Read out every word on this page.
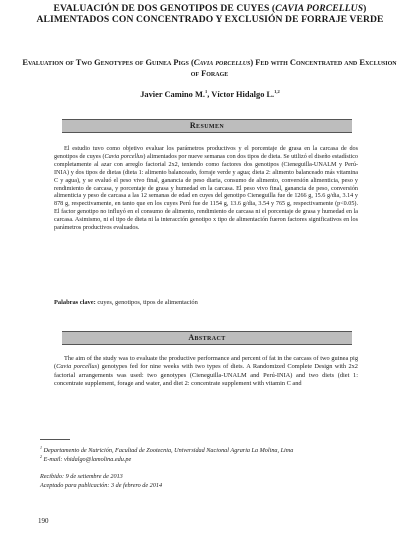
EVALUACIÓN DE DOS GENOTIPOS DE CUYES (CAVIA PORCELLUS) ALIMENTADOS CON CONCENTRADO Y EXCLUSIÓN DE FORRAJE VERDE
Evaluation of Two Genotypes of Guinea Pigs (Cavia porcellus) Fed with Concentrated and Exclusion of Forage
Javier Camino M.$^1$, Víctor Hidalgo L.$^{1,2}$
Resumen

El estudio tuvo como objetivo evaluar los parámetros productivos y el porcentaje de grasa en la carcasa de dos genotipos de cuyes (Cavia porcellus) alimentados por nueve semanas con dos tipos de dieta. Se utilizó el diseño estadístico completamente al azar con arreglo factorial 2x2, teniendo como factores dos genotipos (Cieneguilla-UNALM y Perú-INIA) y dos tipos de dietas (dieta 1: alimento balanceado, forraje verde y agua; dieta 2: alimento balanceado más vitamina C y agua), y se evaluó el peso vivo final, ganancia de peso diaria, consumo de alimento, conversión alimenticia, peso y rendimiento de carcasa, y porcentaje de grasa y humedad en la carcasa. El peso vivo final, ganancia de peso, conversión alimenticia y peso de carcasa a las 12 semanas de edad en cuyes del genotipo Cieneguilla fue de 1266 g, 15.6 g/dia, 3.14 y 878 g, respectivamente, en tanto que en los cuyes Perú fue de 1154 g, 13.6 g/dia, 3.54 y 765 g, respectivamente (p<0.05). El factor genotipo no influyó en el consumo de alimento, rendimiento de carcasa ni el porcentaje de grasa y humedad en la carcasa. Asimismo, ni el tipo de dieta ni la interacción genotipo x tipo de alimentación fueron factores significativos en los parámetros productivos evaluados.

Palabras clave: cuyes, genotipos, tipos de alimentación

Abstract

The aim of the study was to evaluate the productive performance and percent of fat in the carcass of two guinea pig (Cavia porcellus) genotypes fed for nine weeks with two types of diets. A Randomized Complete Design with 2x2 factorial arrangements was used: two genotypes (Cieneguilla-UNALM and Perú-INIA) and two diets (diet 1: concentrate supplement, forage and water, and diet 2: concentrate supplement with vitamin C and

$^1$ Departamento de Nutrición, Facultad de Zootecnia, Universidad Nacional Agraria La Molina, Lima

$^2$ E-mail: vhidalgo@lamolina.edu.pe

Recibido: 9 de setiembre de 2013
Aceptado para publicación: 3 de febrero de 2014
190
